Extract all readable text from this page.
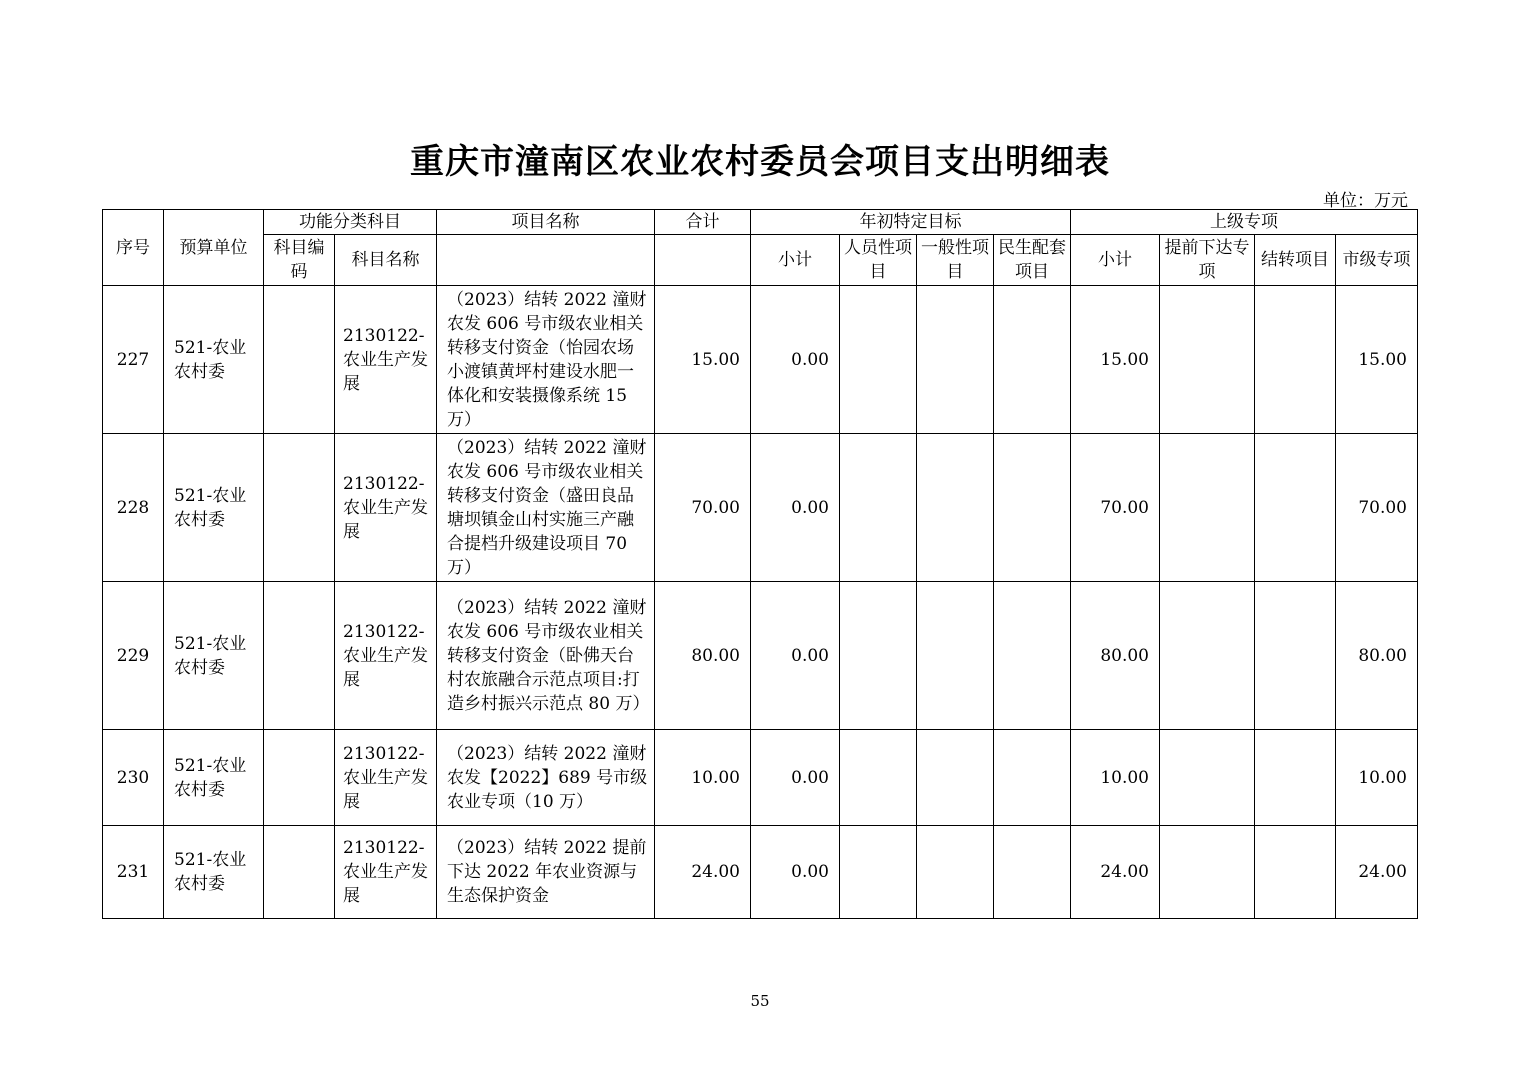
重庆市潼南区农业农村委员会项目支出明细表
单位：万元
序号	预算单位	功能分类科目		项目名称	合计	年初特定目标				上级专项			
		科目编码	科目名称			小计	人员性项目	一般性项目	民生配套项目	小计	提前下达专项	结转项目	市级专项
227	521-农业农村委		2130122-农业生产发展	（2023）结转 2022 潼财农发 606 号市级农业相关转移支付资金（怡园农场小渡镇黄坪村建设水肥一体化和安装摄像系统 15 万）	15.00	0.00				15.00			15.00
228	521-农业农村委		2130122-农业生产发展	（2023）结转 2022 潼财农发 606 号市级农业相关转移支付资金（盛田良品塘坝镇金山村实施三产融合提档升级建设项目 70 万）	70.00	0.00				70.00			70.00
229	521-农业农村委		2130122-农业生产发展	（2023）结转 2022 潼财农发 606 号市级农业相关转移支付资金（卧佛天台村农旅融合示范点项目:打造乡村振兴示范点 80 万）	80.00	0.00				80.00			80.00
230	521-农业农村委		2130122-农业生产发展	（2023）结转 2022 潼财农发【2022】689 号市级农业专项（10 万）	10.00	0.00				10.00			10.00
231	521-农业农村委		2130122-农业生产发展	（2023）结转 2022 提前下达 2022 年农业资源与生态保护资金	24.00	0.00				24.00			24.00
55
